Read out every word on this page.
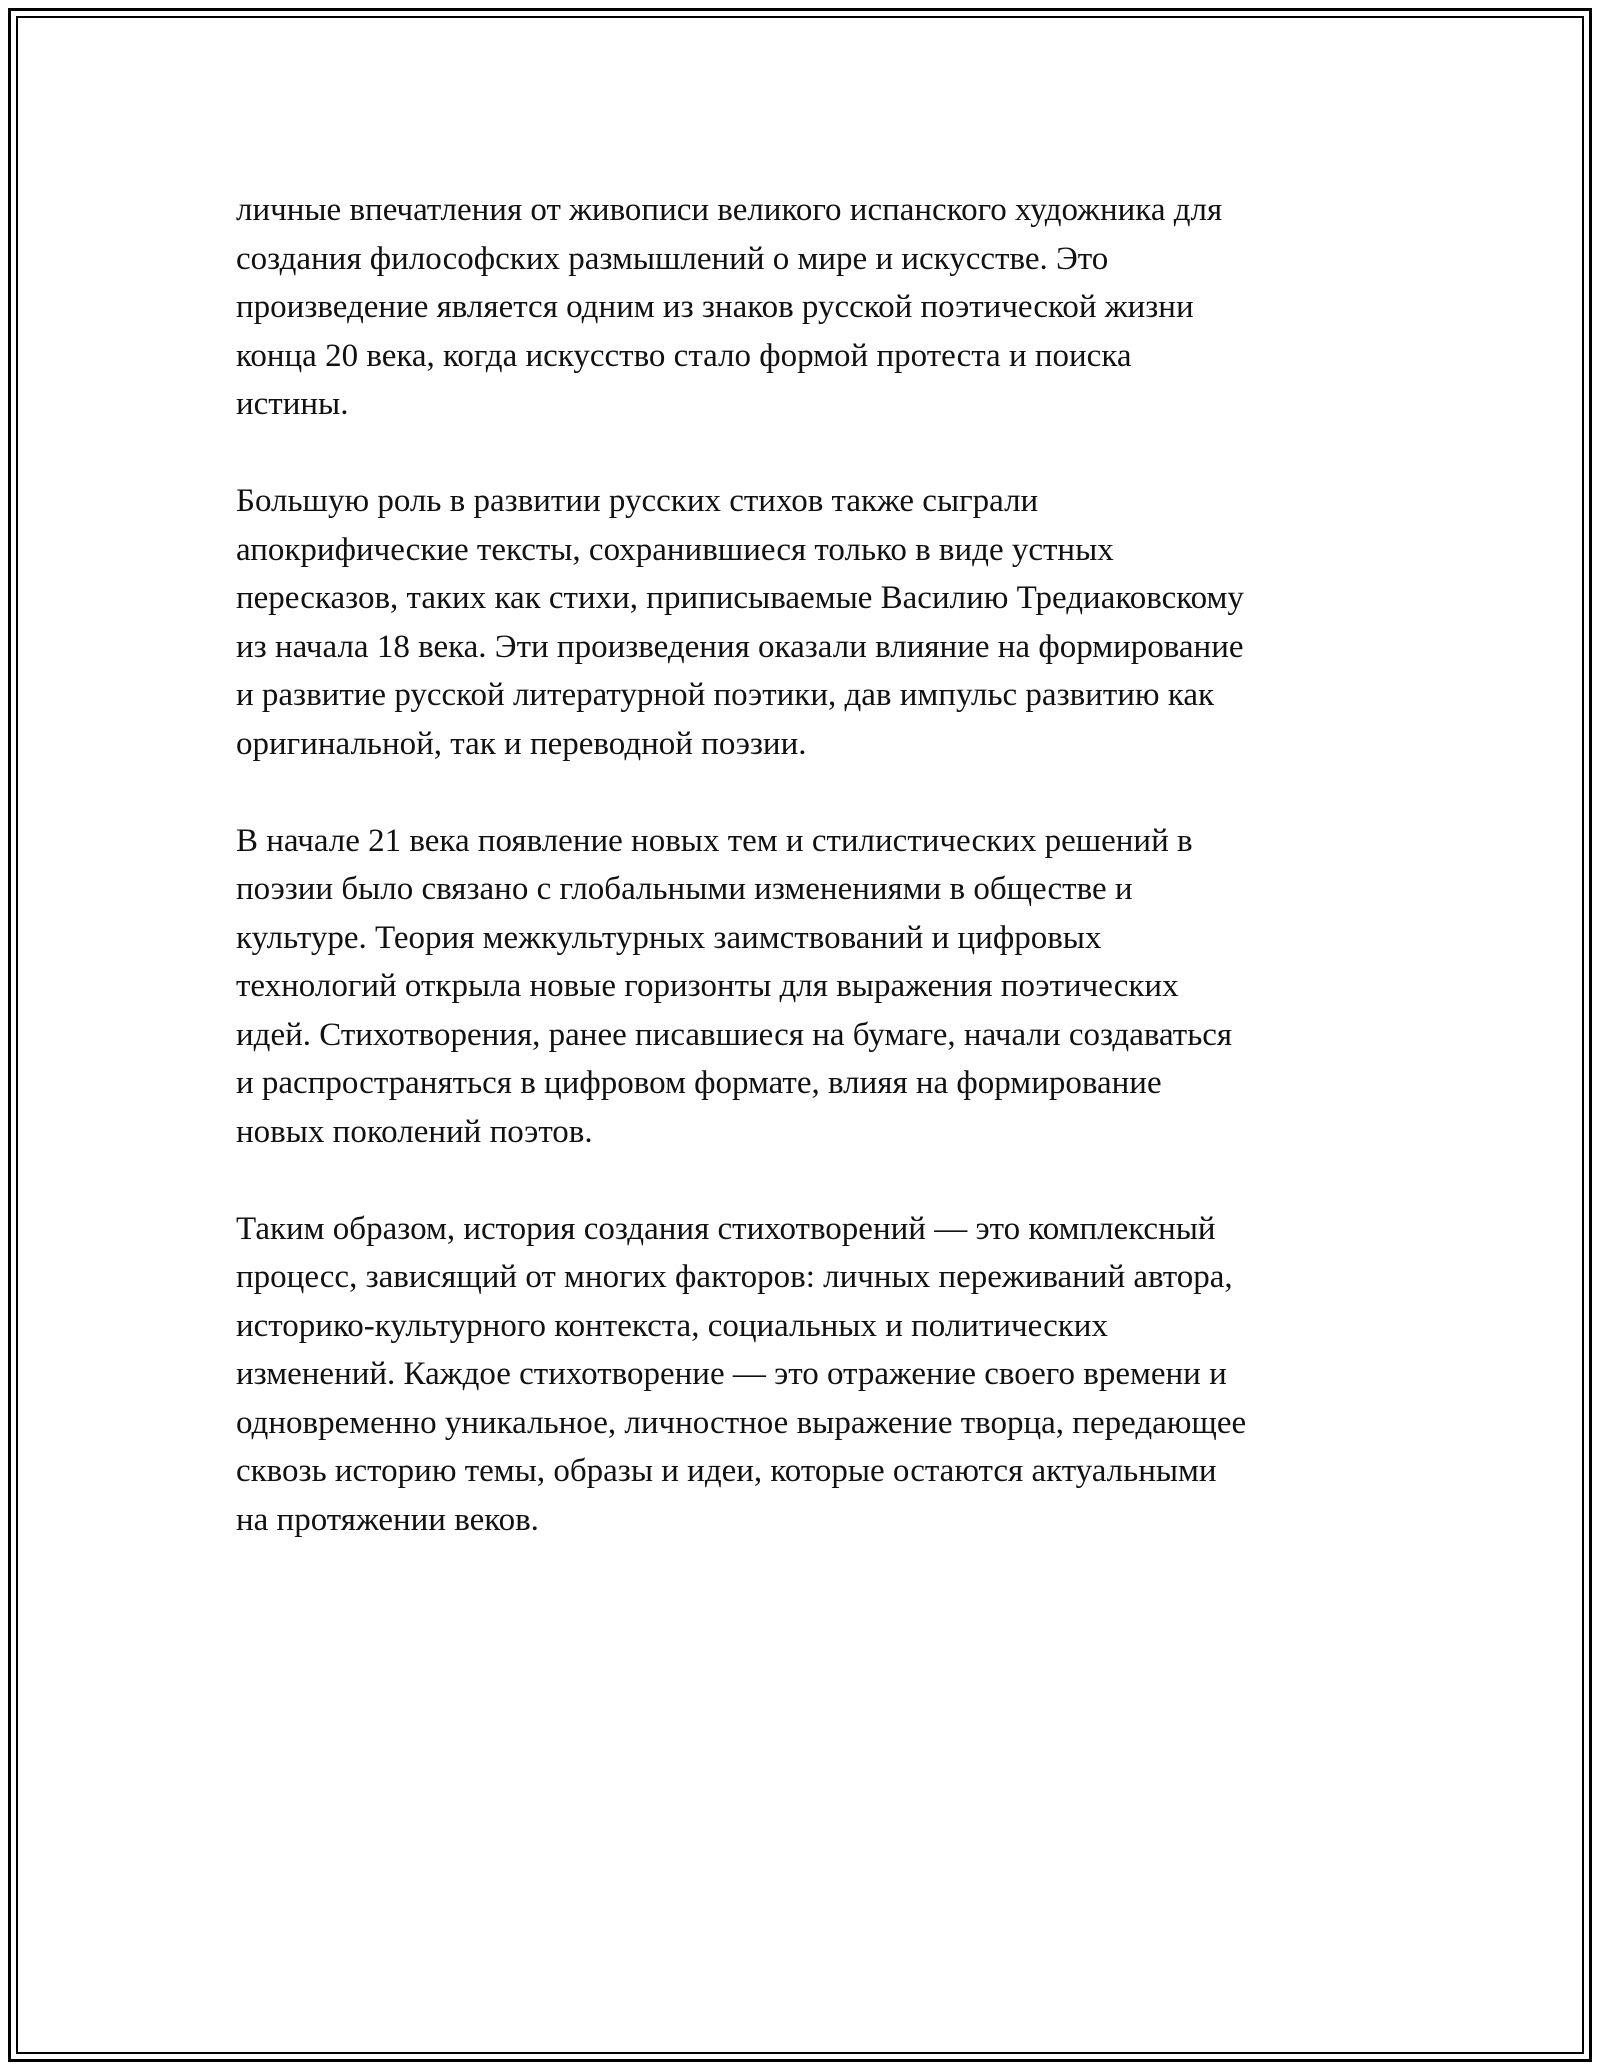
личные впечатления от живописи великого испанского художника для
создания философских размышлений о мире и искусстве. Это
произведение является одним из знаков русской поэтической жизни
конца 20 века, когда искусство стало формой протеста и поиска
истины.
Большую роль в развитии русских стихов также сыграли
апокрифические тексты, сохранившиеся только в виде устных
пересказов, таких как стихи, приписываемые Василию Тредиаковскому
из начала 18 века. Эти произведения оказали влияние на формирование
и развитие русской литературной поэтики, дав импульс развитию как
оригинальной, так и переводной поэзии.
В начале 21 века появление новых тем и стилистических решений в
поэзии было связано с глобальными изменениями в обществе и
культуре. Теория межкультурных заимствований и цифровых
технологий открыла новые горизонты для выражения поэтических
идей. Стихотворения, ранее писавшиеся на бумаге, начали создаваться
и распространяться в цифровом формате, влияя на формирование
новых поколений поэтов.
Таким образом, история создания стихотворений — это комплексный
процесс, зависящий от многих факторов: личных переживаний автора,
историко-культурного контекста, социальных и политических
изменений. Каждое стихотворение — это отражение своего времени и
одновременно уникальное, личностное выражение творца, передающее
сквозь историю темы, образы и идеи, которые остаются актуальными
на протяжении веков.
